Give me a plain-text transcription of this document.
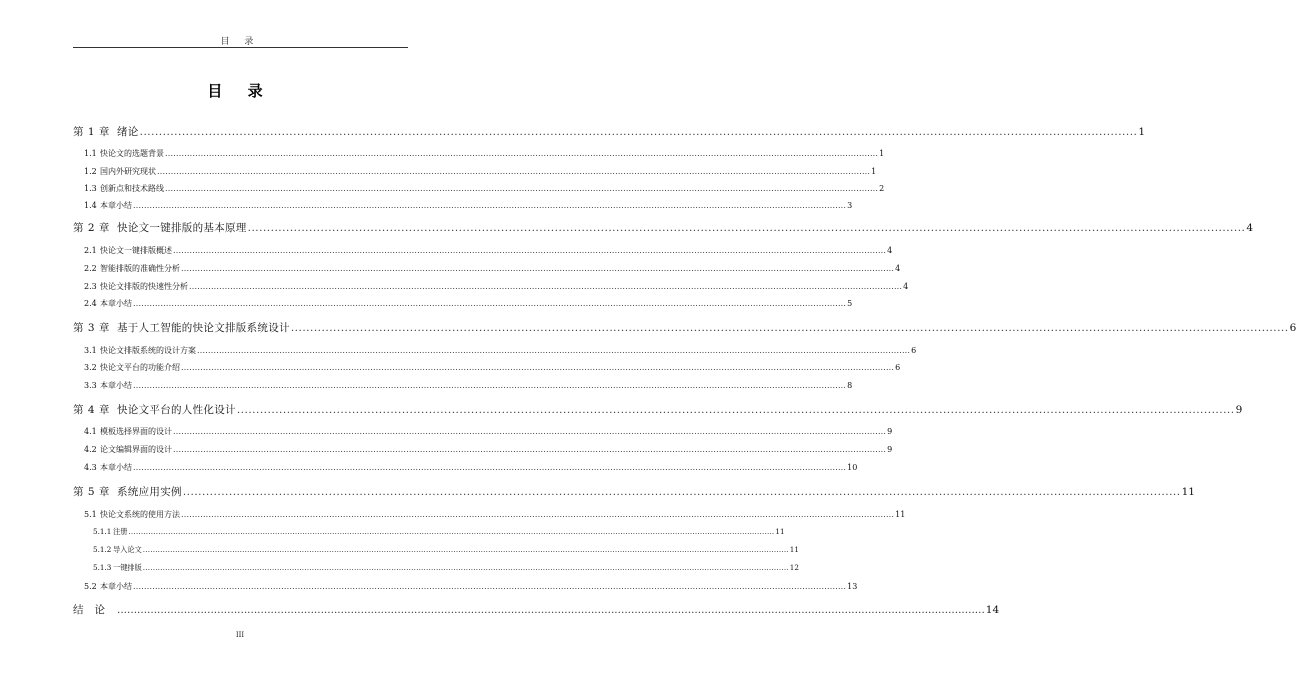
目 录
目 录
第 1 章 绪论 .................................................................................................................................................................................................................................................................... 1
1.1 快论文的选题背景 .................................................................................................................................................................................................................................................................... 1
1.2 国内外研究现状 .................................................................................................................................................................................................................................................................... 1
1.3 创新点和技术路线 .................................................................................................................................................................................................................................................................... 2
1.4 本章小结 .................................................................................................................................................................................................................................................................... 3
第 2 章 快论文一键排版的基本原理 .................................................................................................................................................................................................................................................................... 4
2.1 快论文一键排版概述 .................................................................................................................................................................................................................................................................... 4
2.2 智能排版的准确性分析 .................................................................................................................................................................................................................................................................... 4
2.3 快论文排版的快速性分析 .................................................................................................................................................................................................................................................................... 4
2.4 本章小结 .................................................................................................................................................................................................................................................................... 5
第 3 章 基于人工智能的快论文排版系统设计 .................................................................................................................................................................................................................................................................... 6
3.1 快论文排版系统的设计方案 .................................................................................................................................................................................................................................................................... 6
3.2 快论文平台的功能介绍 .................................................................................................................................................................................................................................................................... 6
3.3 本章小结 .................................................................................................................................................................................................................................................................... 8
第 4 章 快论文平台的人性化设计 .................................................................................................................................................................................................................................................................... 9
4.1 模板选择界面的设计 .................................................................................................................................................................................................................................................................... 9
4.2 论文编辑界面的设计 .................................................................................................................................................................................................................................................................... 9
4.3 本章小结 .................................................................................................................................................................................................................................................................... 10
第 5 章 系统应用实例 .................................................................................................................................................................................................................................................................... 11
5.1 快论文系统的使用方法 .................................................................................................................................................................................................................................................................... 11
5.1.1 注册 .................................................................................................................................................................................................................................................................... 11
5.1.2 导入论文 .................................................................................................................................................................................................................................................................... 11
5.1.3 一键排版 .................................................................................................................................................................................................................................................................... 12
5.2 本章小结 .................................................................................................................................................................................................................................................................... 13
结论 .................................................................................................................................................................................................................................................................... 14
III
